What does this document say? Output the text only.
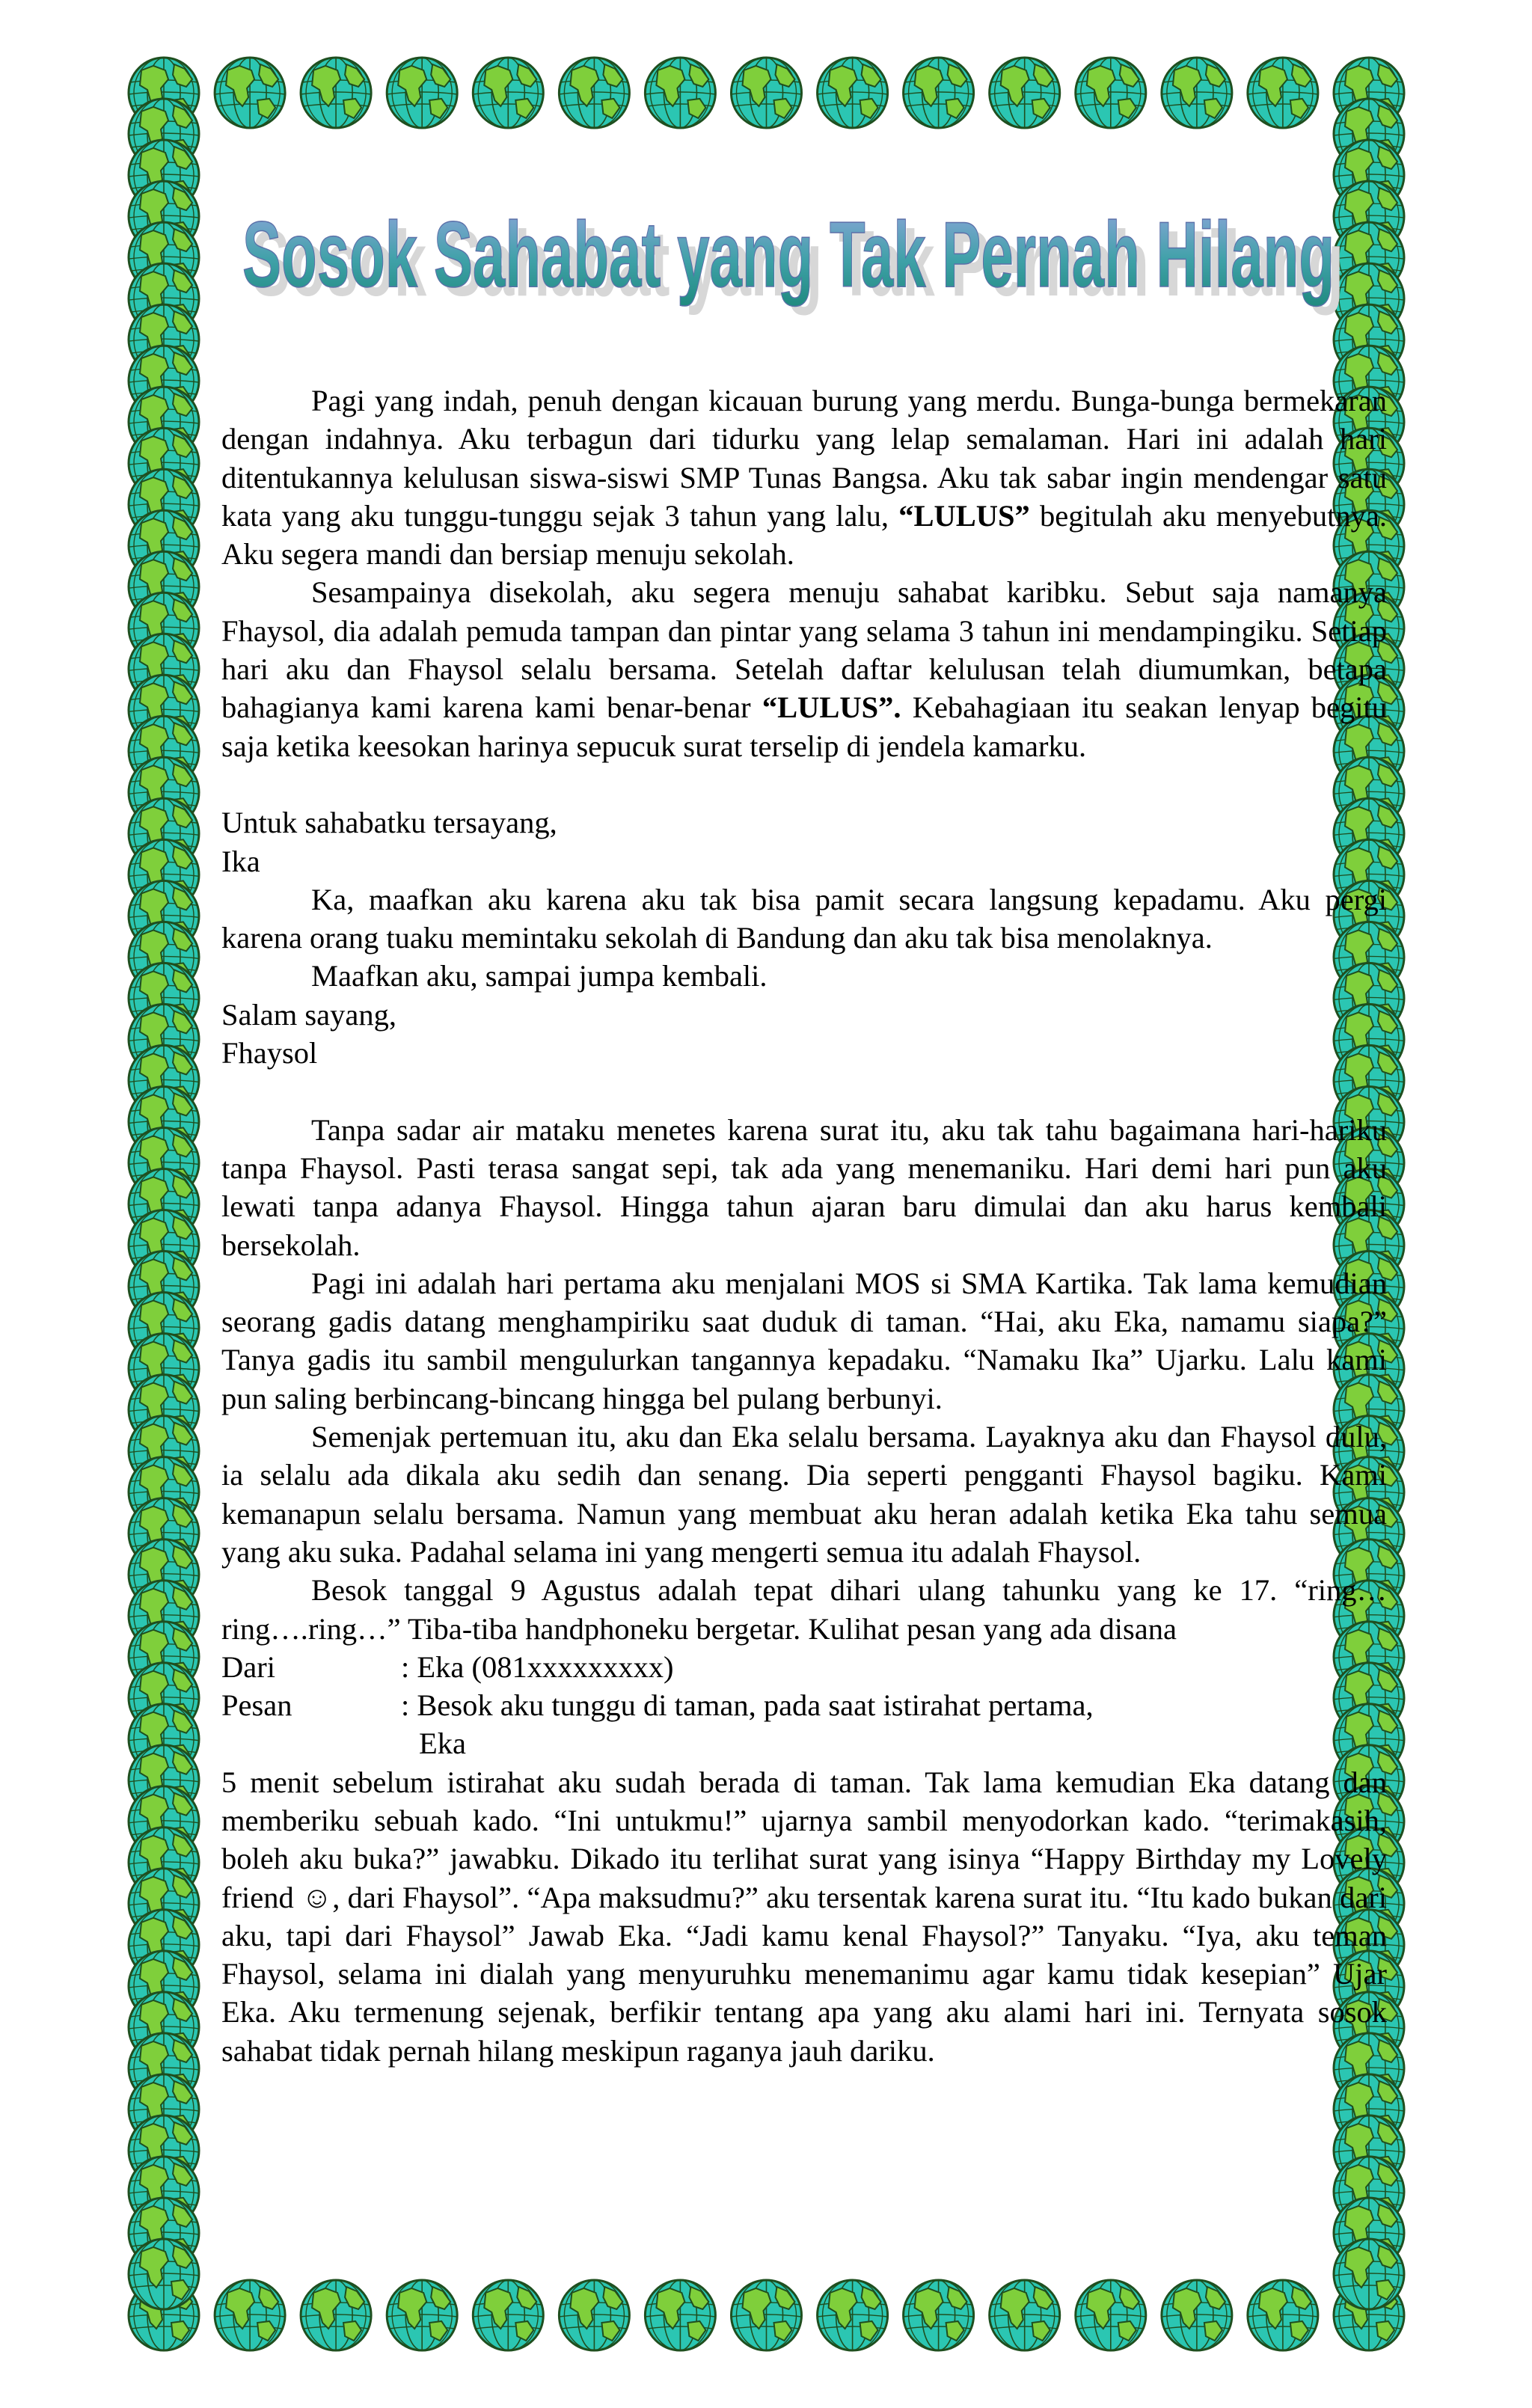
Sosok Sahabat yang Tak Pernah Hilang
Sosok Sahabat yang Tak Pernah Hilang

Pagi yang indah, penuh dengan kicauan burung yang merdu. Bunga-bunga bermekaran dengan indahnya. Aku terbagun dari tidurku yang lelap semalaman. Hari ini adalah hari ditentukannya kelulusan siswa-siswi SMP Tunas Bangsa. Aku tak sabar ingin mendengar satu kata yang aku tunggu-tunggu sejak 3 tahun yang lalu, “LULUS” begitulah aku menyebutnya. Aku segera mandi dan bersiap menuju sekolah.

Sesampainya disekolah, aku segera menuju sahabat karibku. Sebut saja namanya Fhaysol, dia adalah pemuda tampan dan pintar yang selama 3 tahun ini mendampingiku. Setiap hari aku dan Fhaysol selalu bersama. Setelah daftar kelulusan telah diumumkan, betapa bahagianya kami karena kami benar-benar “LULUS”. Kebahagiaan itu seakan lenyap begitu saja ketika keesokan harinya sepucuk surat terselip di jendela kamarku.

Untuk sahabatku tersayang,

Ika

Ka, maafkan aku karena aku tak bisa pamit secara langsung kepadamu. Aku pergi karena orang tuaku memintaku sekolah di Bandung dan aku tak bisa menolaknya.

Maafkan aku, sampai jumpa kembali.

Salam sayang,

Fhaysol

Tanpa sadar air mataku menetes karena surat itu, aku tak tahu bagaimana hari-hariku tanpa Fhaysol. Pasti terasa sangat sepi, tak ada yang menemaniku. Hari demi hari pun aku lewati tanpa adanya Fhaysol. Hingga tahun ajaran baru dimulai dan aku harus kembali bersekolah.

Pagi ini adalah hari pertama aku menjalani MOS si SMA Kartika. Tak lama kemudian seorang gadis datang menghampiriku saat duduk di taman. “Hai, aku Eka, namamu siapa?” Tanya gadis itu sambil mengulurkan tangannya kepadaku. “Namaku Ika” Ujarku. Lalu kami pun saling berbincang-bincang hingga bel pulang berbunyi.

Semenjak pertemuan itu, aku dan Eka selalu bersama. Layaknya aku dan Fhaysol dulu, ia selalu ada dikala aku sedih dan senang. Dia seperti pengganti Fhaysol bagiku. Kami kemanapun selalu bersama. Namun yang membuat aku heran adalah ketika Eka tahu semua yang aku suka. Padahal selama ini yang mengerti semua itu adalah Fhaysol.

Besok tanggal 9 Agustus adalah tepat dihari ulang tahunku yang ke 17. “ring…ring….ring…” Tiba-tiba handphoneku bergetar. Kulihat pesan yang ada disana

Dari	: Eka (081xxxxxxxxx)
Pesan	: Besok aku tunggu di taman, pada saat istirahat pertama,

Eka

5 menit sebelum istirahat aku sudah berada di taman. Tak lama kemudian Eka datang dan memberiku sebuah kado. “Ini untukmu!” ujarnya sambil menyodorkan kado. “terimakasih, boleh aku buka?” jawabku. Dikado itu terlihat surat yang isinya “Happy Birthday my Lovely friend ☺, dari Fhaysol”. “Apa maksudmu?” aku tersentak karena surat itu. “Itu kado bukan dari aku, tapi dari Fhaysol” Jawab Eka. “Jadi kamu kenal Fhaysol?” Tanyaku. “Iya, aku teman Fhaysol, selama ini dialah yang menyuruhku menemanimu agar kamu tidak kesepian” Ujar Eka. Aku termenung sejenak, berfikir tentang apa yang aku alami hari ini. Ternyata sosok sahabat tidak pernah hilang meskipun raganya jauh dariku.
